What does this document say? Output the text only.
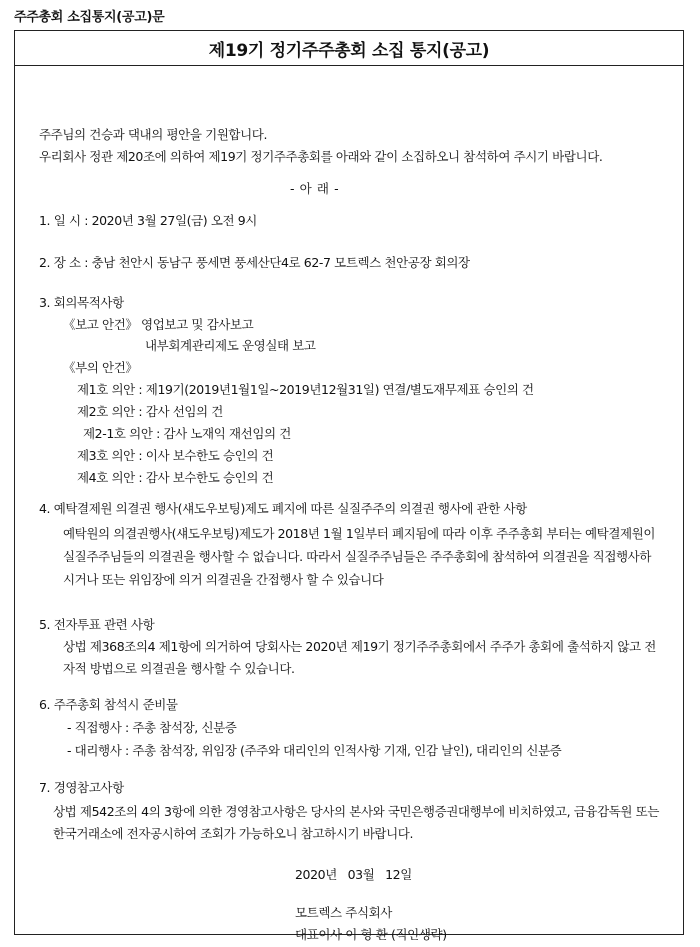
주주총회 소집통지(공고)문
제19기 정기주주총회 소집 통지(공고)
주주님의 건승과 댁내의 평안을 기원합니다.
우리회사 정관 제20조에 의하여 제19기 정기주주총회를 아래와 같이 소집하오니 참석하여 주시기 바랍니다.
- 아 래 -
1. 일 시 : 2020년 3월 27일(금) 오전 9시
2. 장 소 : 충남 천안시 동남구 풍세면 풍세산단4로 62-7 모트렉스 천안공장 회의장
3. 회의목적사항
《보고 안건》 영업보고 및 감사보고
내부회계관리제도 운영실태 보고
《부의 안건》
제1호 의안 : 제19기(2019년1월1일~2019년12월31일) 연결/별도재무제표 승인의 건
제2호 의안 : 감사 선임의 건
제2-1호 의안 : 감사 노재익 재선임의 건
제3호 의안 : 이사 보수한도 승인의 건
제4호 의안 : 감사 보수한도 승인의 건
4. 예탁결제원 의결권 행사(섀도우보팅)제도 폐지에 따른 실질주주의 의결권 행사에 관한 사항
예탁원의 의결권행사(섀도우보팅)제도가 2018년 1월 1일부터 폐지됨에 따라 이후 주주총회 부터는 예탁결제원이 실질주주님들의 의결권을 행사할 수 없습니다. 따라서 실질주주님들은 주주총회에 참석하여 의결권을 직접행사하시거나 또는 위임장에 의거 의결권을 간접행사 할 수 있습니다
5. 전자투표 관련 사항
상법 제368조의4 제1항에 의거하여 당회사는 2020년 제19기 정기주주총회에서 주주가 총회에 출석하지 않고 전자적 방법으로 의결권을 행사할 수 있습니다.
6. 주주총회 참석시 준비물
- 직접행사 : 주총 참석장, 신분증
- 대리행사 : 주총 참석장, 위임장 (주주와 대리인의 인적사항 기재, 인감 날인), 대리인의 신분증
7. 경영참고사항
상법 제542조의 4의 3항에 의한 경영참고사항은 당사의 본사와 국민은행증권대행부에 비치하였고, 금융감독원 또는 한국거래소에 전자공시하여 조회가 가능하오니 참고하시기 바랍니다.
2020년   03월   12일
모트렉스 주식회사
대표이사 이 형 환 (직인생략)
